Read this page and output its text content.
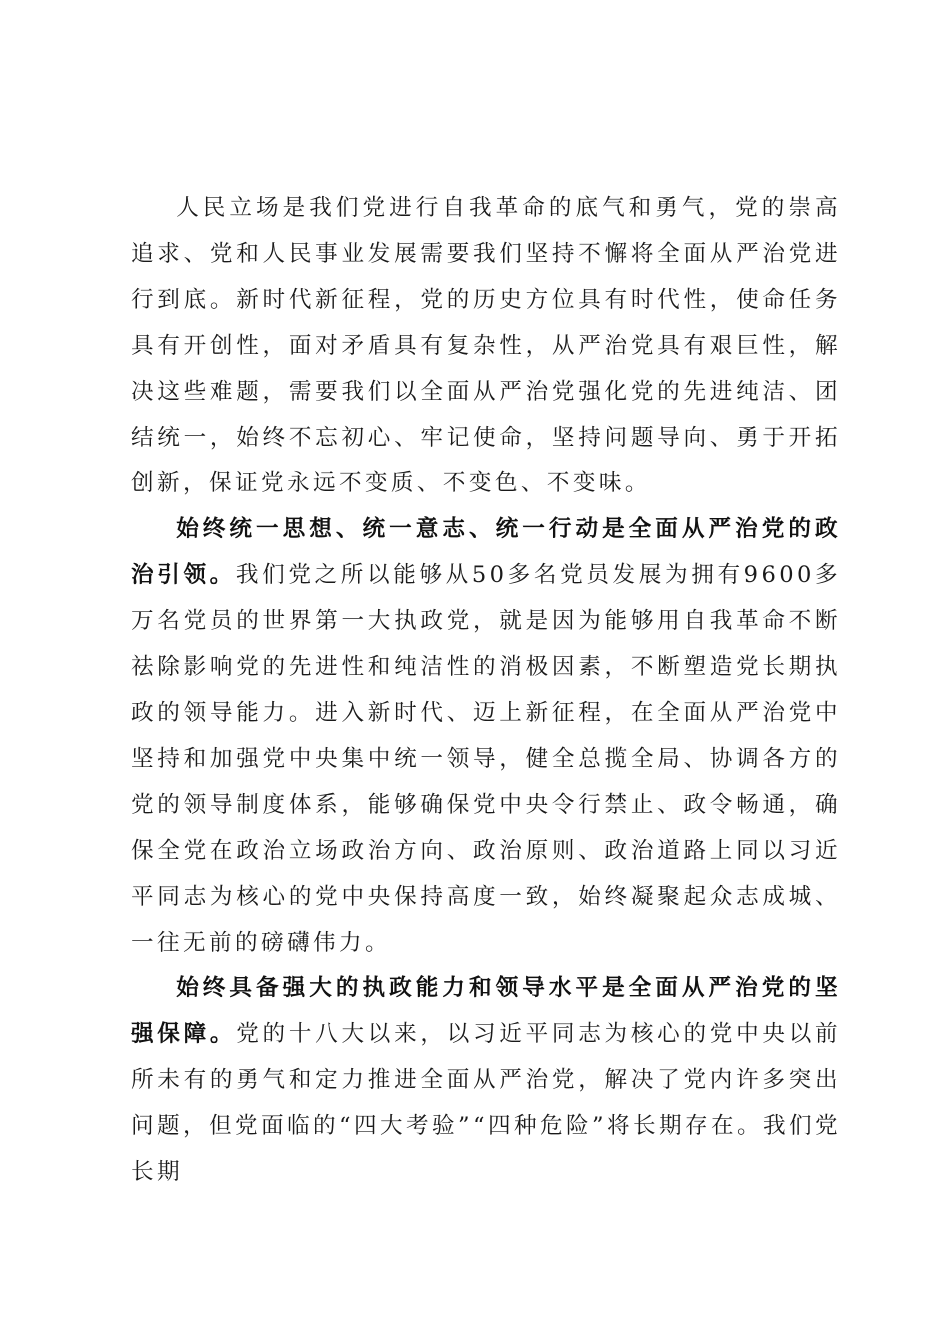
人民立场是我们党进行自我革命的底气和勇气，党的崇高追求、党和人民事业发展需要我们坚持不懈将全面从严治党进行到底。新时代新征程，党的历史方位具有时代性，使命任务具有开创性，面对矛盾具有复杂性，从严治党具有艰巨性，解决这些难题，需要我们以全面从严治党强化党的先进纯洁、团结统一，始终不忘初心、牢记使命，坚持问题导向、勇于开拓创新，保证党永远不变质、不变色、不变味。

始终统一思想、统一意志、统一行动是全面从严治党的政治引领。我们党之所以能够从50多名党员发展为拥有9600多万名党员的世界第一大执政党，就是因为能够用自我革命不断祛除影响党的先进性和纯洁性的消极因素，不断塑造党长期执政的领导能力。进入新时代、迈上新征程，在全面从严治党中坚持和加强党中央集中统一领导，健全总揽全局、协调各方的党的领导制度体系，能够确保党中央令行禁止、政令畅通，确保全党在政治立场政治方向、政治原则、政治道路上同以习近平同志为核心的党中央保持高度一致，始终凝聚起众志成城、一往无前的磅礴伟力。

始终具备强大的执政能力和领导水平是全面从严治党的坚强保障。党的十八大以来，以习近平同志为核心的党中央以前所未有的勇气和定力推进全面从严治党，解决了党内许多突出问题，但党面临的“四大考验”“四种危险”将长期存在。我们党长期
